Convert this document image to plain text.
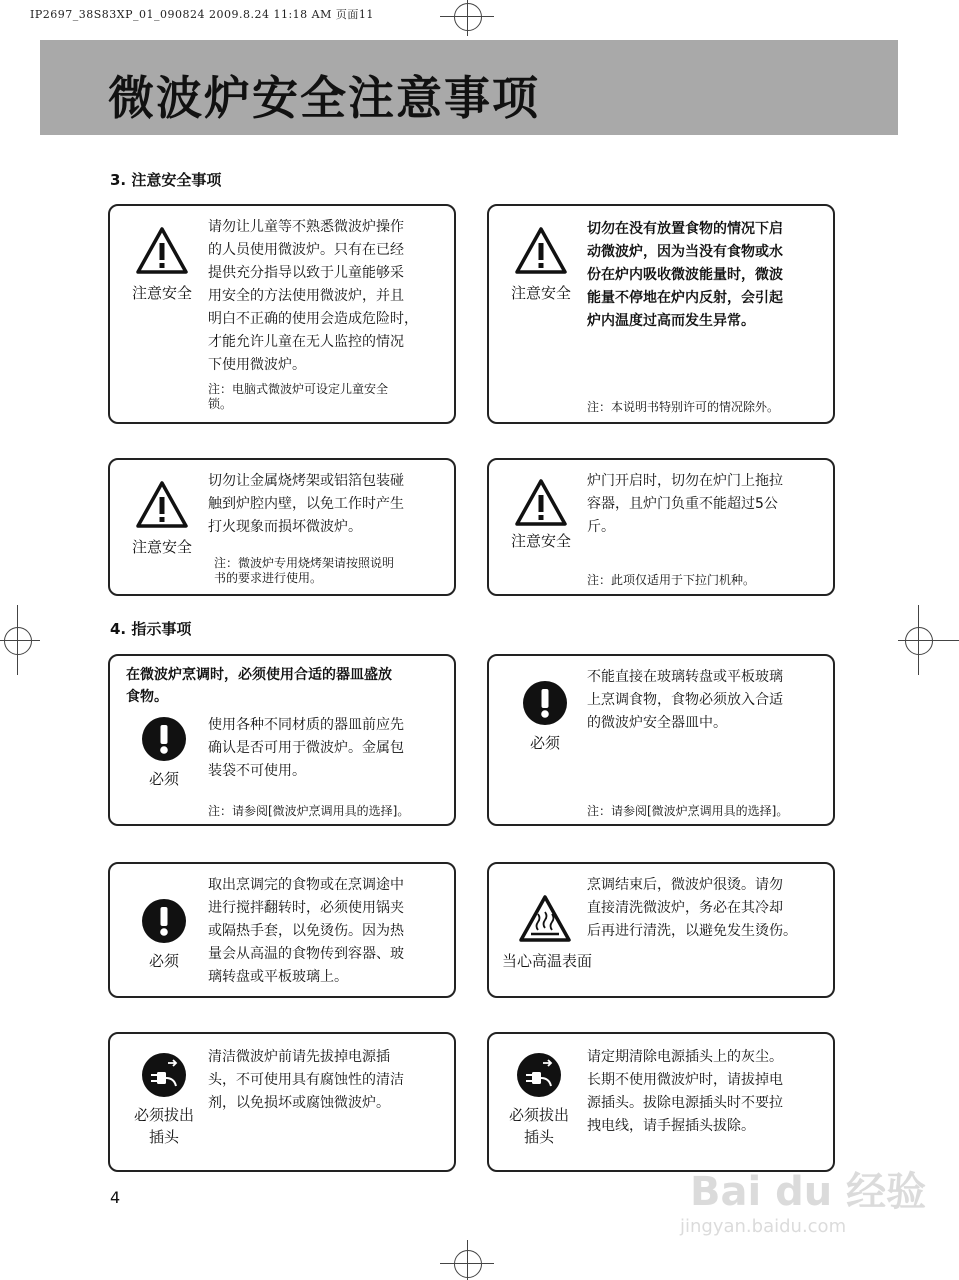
IP2697_38S83XP_01_090824 2009.8.24 11:18 AM 页面11
微波炉安全注意事项
3. 注意安全事项
4. 指示事项
注意安全
请勿让儿童等不熟悉微波炉操作
的人员使用微波炉。只有在已经
提供充分指导以致于儿童能够采
用安全的方法使用微波炉，并且
明白不正确的使用会造成危险时，
才能允许儿童在无人监控的情况
下使用微波炉。
注：电脑式微波炉可设定儿童安全
锁。
注意安全
切勿在没有放置食物的情况下启
动微波炉，因为当没有食物或水
份在炉内吸收微波能量时，微波
能量不停地在炉内反射，会引起
炉内温度过高而发生异常。
注：本说明书特别许可的情况除外。
注意安全
切勿让金属烧烤架或铝箔包装碰
触到炉腔内壁，以免工作时产生
打火现象而损坏微波炉。
注：微波炉专用烧烤架请按照说明
书的要求进行使用。
注意安全
炉门开启时，切勿在炉门上拖拉
容器，且炉门负重不能超过5公
斤。
注：此项仅适用于下拉门机种。
在微波炉烹调时，必须使用合适的器皿盛放
食物。
必须
使用各种不同材质的器皿前应先
确认是否可用于微波炉。金属包
装袋不可使用。
注：请参阅[微波炉烹调用具的选择]。
必须
不能直接在玻璃转盘或平板玻璃
上烹调食物，食物必须放入合适
的微波炉安全器皿中。
注：请参阅[微波炉烹调用具的选择]。
必须
取出烹调完的食物或在烹调途中
进行搅拌翻转时，必须使用锅夹
或隔热手套，以免烫伤。因为热
量会从高温的食物传到容器、玻
璃转盘或平板玻璃上。
当心高温表面
烹调结束后，微波炉很烫。请勿
直接清洗微波炉，务必在其冷却
后再进行清洗，以避免发生烫伤。
必须拔出
插头
清洁微波炉前请先拔掉电源插
头，不可使用具有腐蚀性的清洁
剂，以免损坏或腐蚀微波炉。
必须拔出
插头
请定期清除电源插头上的灰尘。
长期不使用微波炉时，请拔掉电
源插头。拔除电源插头时不要拉
拽电线，请手握插头拔除。
4	Bai du 经验
jingyan.baidu.com
